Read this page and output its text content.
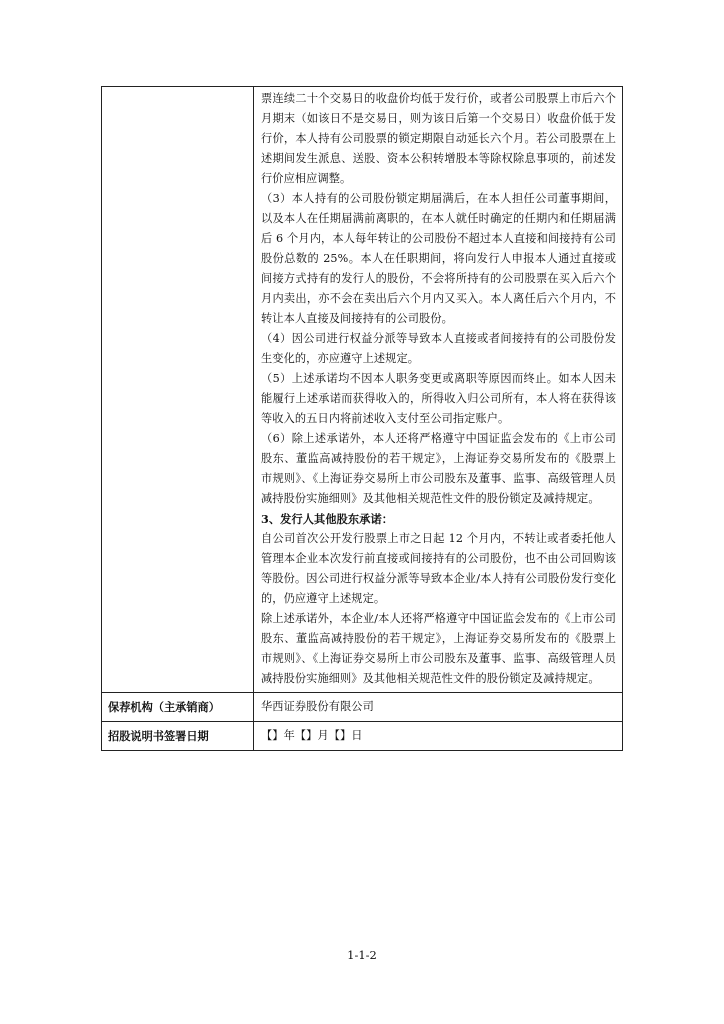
票连续二十个交易日的收盘价均低于发行价，或者公司股票上市后六个月期末（如该日不是交易日，则为该日后第一个交易日）收盘价低于发行价，本人持有公司股票的锁定期限自动延长六个月。若公司股票在上述期间发生派息、送股、资本公积转增股本等除权除息事项的，前述发行价应相应调整。

（3）本人持有的公司股份锁定期届满后，在本人担任公司董事期间，以及本人在任期届满前离职的，在本人就任时确定的任期内和任期届满后 6 个月内，本人每年转让的公司股份不超过本人直接和间接持有公司股份总数的 25%。本人在任职期间，将向发行人申报本人通过直接或间接方式持有的发行人的股份，不会将所持有的公司股票在买入后六个月内卖出，亦不会在卖出后六个月内又买入。本人离任后六个月内，不转让本人直接及间接持有的公司股份。

（4）因公司进行权益分派等导致本人直接或者间接持有的公司股份发生变化的，亦应遵守上述规定。

（5）上述承诺均不因本人职务变更或离职等原因而终止。如本人因未能履行上述承诺而获得收入的，所得收入归公司所有，本人将在获得该等收入的五日内将前述收入支付至公司指定账户。

（6）除上述承诺外，本人还将严格遵守中国证监会发布的《上市公司股东、董监高减持股份的若干规定》，上海证券交易所发布的《股票上市规则》、《上海证券交易所上市公司股东及董事、监事、高级管理人员减持股份实施细则》及其他相关规范性文件的股份锁定及减持规定。

3、发行人其他股东承诺：

自公司首次公开发行股票上市之日起 12 个月内，不转让或者委托他人管理本企业本次发行前直接或间接持有的公司股份，也不由公司回购该等股份。因公司进行权益分派等导致本企业/本人持有公司股份发行变化的，仍应遵守上述规定。

除上述承诺外，本企业/本人还将严格遵守中国证监会发布的《上市公司股东、董监高减持股份的若干规定》，上海证券交易所发布的《股票上市规则》、《上海证券交易所上市公司股东及董事、监事、高级管理人员减持股份实施细则》及其他相关规范性文件的股份锁定及减持规定。

保荐机构（主承销商）	华西证券股份有限公司
招股说明书签署日期	【】年【】月【】日
1-1-2
